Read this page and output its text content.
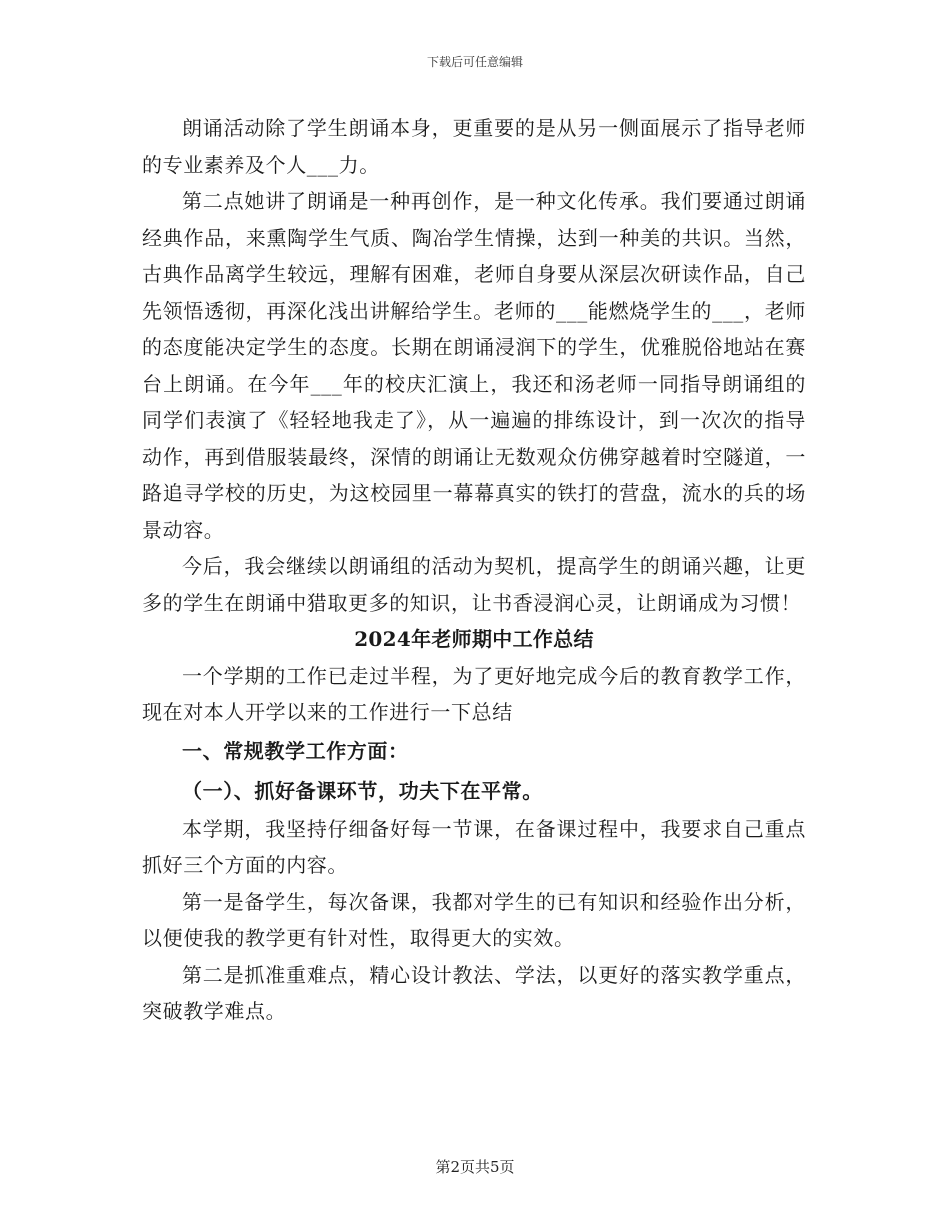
下载后可任意编辑

朗诵活动除了学生朗诵本身，更重要的是从另一侧面展示了指导老师的专业素养及个人___力。

第二点她讲了朗诵是一种再创作，是一种文化传承。我们要通过朗诵经典作品，来熏陶学生气质、陶冶学生情操，达到一种美的共识。当然，古典作品离学生较远，理解有困难，老师自身要从深层次研读作品，自己先领悟透彻，再深化浅出讲解给学生。老师的___能燃烧学生的___，老师的态度能决定学生的态度。长期在朗诵浸润下的学生，优雅脱俗地站在赛台上朗诵。在今年___年的校庆汇演上，我还和汤老师一同指导朗诵组的同学们表演了《轻轻地我走了》，从一遍遍的排练设计，到一次次的指导动作，再到借服装最终，深情的朗诵让无数观众仿佛穿越着时空隧道，一路追寻学校的历史，为这校园里一幕幕真实的铁打的营盘，流水的兵的场景动容。

今后，我会继续以朗诵组的活动为契机，提高学生的朗诵兴趣，让更多的学生在朗诵中猎取更多的知识，让书香浸润心灵，让朗诵成为习惯！

2024年老师期中工作总结

一个学期的工作已走过半程，为了更好地完成今后的教育教学工作，现在对本人开学以来的工作进行一下总结

一、常规教学工作方面：

（一）、抓好备课环节，功夫下在平常。

本学期，我坚持仔细备好每一节课，在备课过程中，我要求自己重点抓好三个方面的内容。

第一是备学生，每次备课，我都对学生的已有知识和经验作出分析，以便使我的教学更有针对性，取得更大的实效。

第二是抓准重难点，精心设计教法、学法，以更好的落实教学重点，突破教学难点。

第2页共5页
